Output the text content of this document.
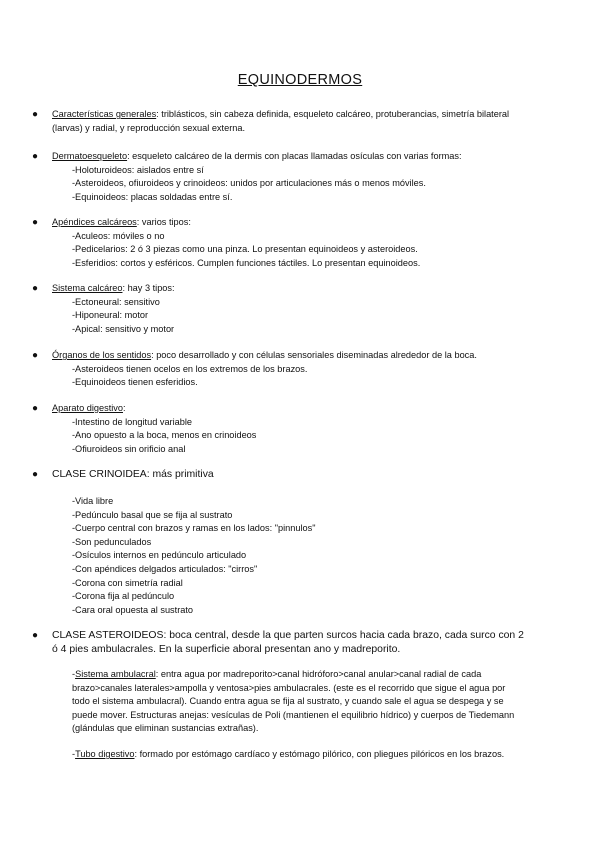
EQUINODERMOS
● Características generales: triblásticos, sin cabeza definida, esqueleto calcáreo, protuberancias, simetría bilateral (larvas) y radial, y reproducción sexual externa.
● Dermatoesqueleto: esqueleto calcáreo de la dermis con placas llamadas osículas con varias formas:
-Holoturoideos: aislados entre sí
-Asteroideos, ofiuroideos y crinoideos: unidos por articulaciones más o menos móviles.
-Equinoideos: placas soldadas entre sí.
● Apéndices calcáreos: varios tipos:
-Aculeos: móviles o no
-Pedicelarios: 2 ó 3 piezas como una pinza. Lo presentan equinoideos y asteroideos.
-Esferidios: cortos y esféricos. Cumplen funciones táctiles. Lo presentan equinoideos.
● Sistema calcáreo: hay 3 tipos:
-Ectoneural: sensitivo
-Hiponeural: motor
-Apical: sensitivo y motor
● Órganos de los sentidos: poco desarrollado y con células sensoriales diseminadas alrededor de la boca.
-Asteroideos tienen ocelos en los extremos de los brazos.
-Equinoideos tienen esferidios.
● Aparato digestivo:
-Intestino de longitud variable
-Ano opuesto a la boca, menos en crinoideos
-Ofiuroideos sin orificio anal
● CLASE CRINOIDEA: más primitiva
-Vida libre
-Pedúnculo basal que se fija al sustrato
-Cuerpo central con brazos y ramas en los lados: "pinnulos"
-Son pedunculados
-Osículos internos en pedúnculo articulado
-Con apéndices delgados articulados: "cirros"
-Corona con simetría radial
-Corona fija al pedúnculo
-Cara oral opuesta al sustrato
● CLASE ASTEROIDEOS: boca central, desde la que parten surcos hacia cada brazo, cada surco con 2 ó 4 pies ambulacrales. En la superficie aboral presentan ano y madreporito.
-Sistema ambulacral: entra agua por madreporito>canal hidróforo>canal anular>canal radial de cada brazo>canales laterales>ampolla y ventosa>pies ambulacrales. (este es el recorrido que sigue el agua por todo el sistema ambulacral). Cuando entra agua se fija al sustrato, y cuando sale el agua se despega y se puede mover. Estructuras anejas: vesículas de Poli (mantienen el equilibrio hídrico) y cuerpos de Tiedemann (glándulas que eliminan sustancias extrañas).
-Tubo digestivo: formado por estómago cardíaco y estómago pilórico, con pliegues pilóricos en los brazos.
